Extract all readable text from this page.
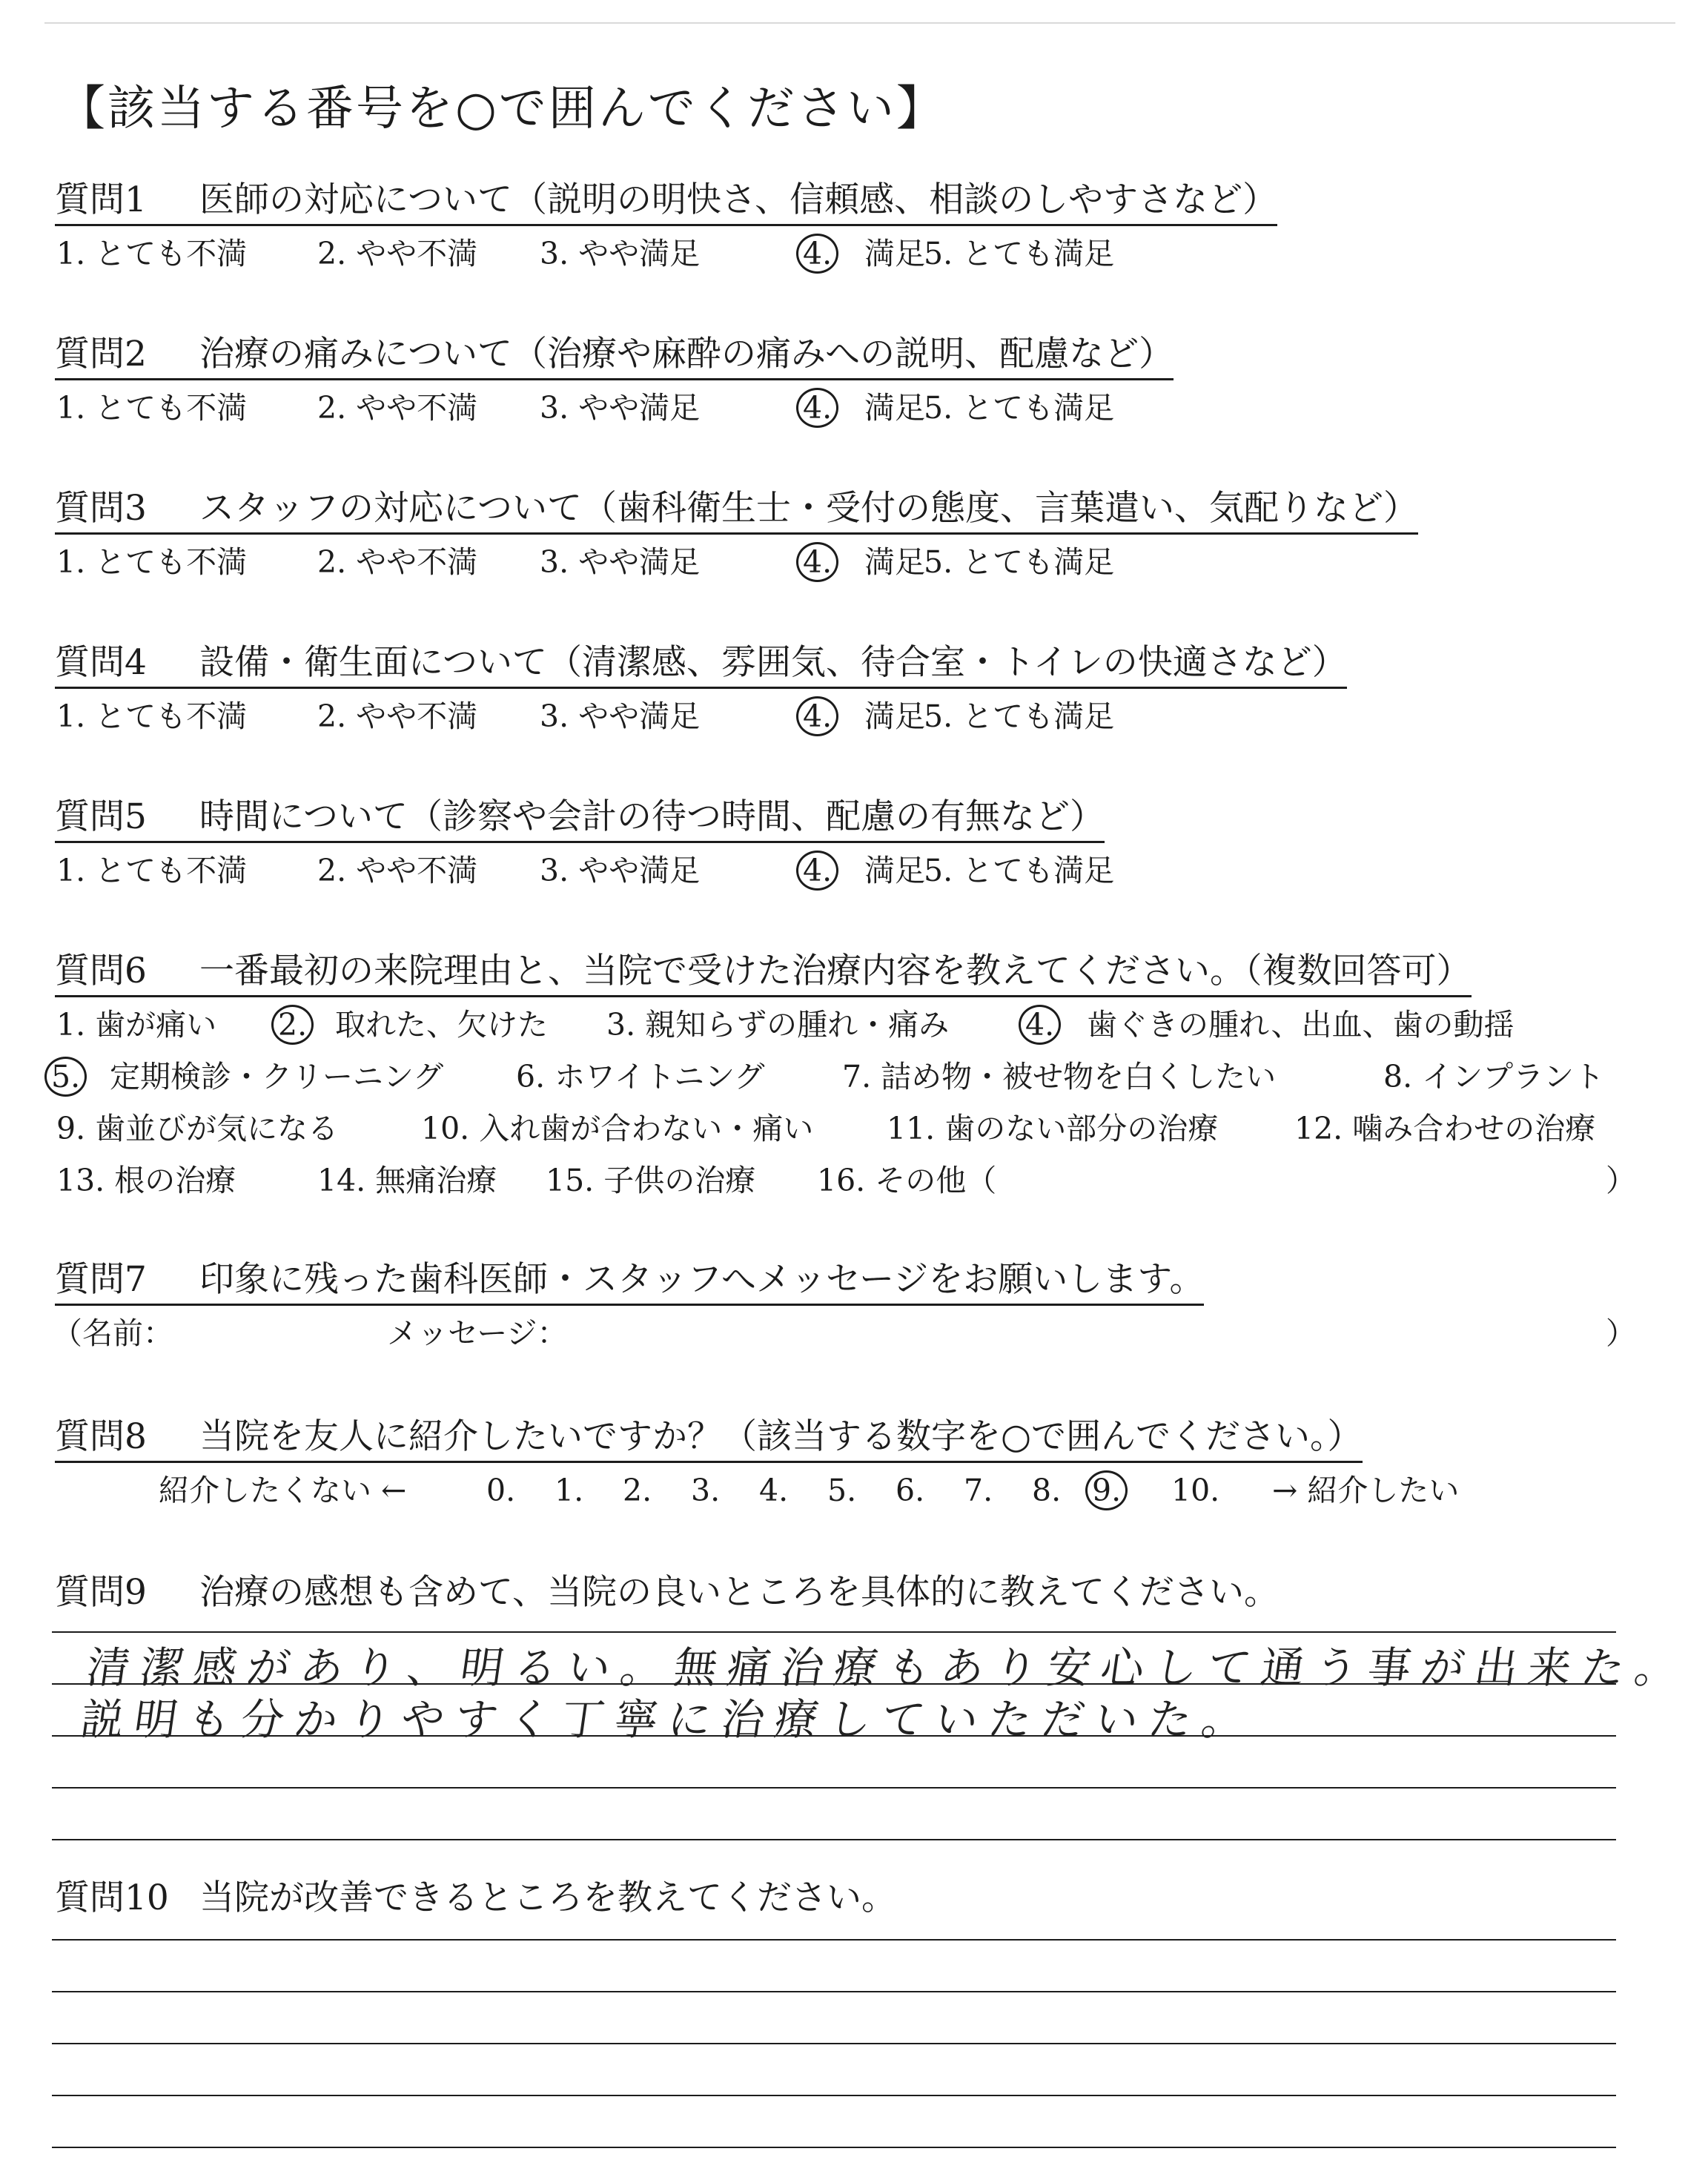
【該当する番号を○で囲んでください】
質問1 医師の対応について（説明の明快さ、信頼感、相談のしやすさなど）
1. とても不満 2. やや不満 3. やや満足	4. 満足
5. とても満足
質問2 治療の痛みについて（治療や麻酔の痛みへの説明、配慮など）
1. とても不満 2. やや不満 3. やや満足	4. 満足
5. とても満足
質問3 スタッフの対応について（歯科衛生士・受付の態度、言葉遣い、気配りなど）
1. とても不満 2. やや不満 3. やや満足	4. 満足
5. とても満足
質問4 設備・衛生面について（清潔感、雰囲気、待合室・トイレの快適さなど）
1. とても不満 2. やや不満 3. やや満足	4. 満足
5. とても満足
質問5 時間について（診察や会計の待つ時間、配慮の有無など）
1. とても不満 2. やや不満 3. やや満足	4. 満足
5. とても満足
質問6 一番最初の来院理由と、当院で受けた治療内容を教えてください。（複数回答可）
1. 歯が痛い 2. 取れた、欠けた 3. 親知らずの腫れ・痛み	4. 歯ぐきの腫れ、出血、歯の動揺
5. 定期検診・クリーニング 6. ホワイトニング	7. 詰め物・被せ物を白くしたい	8. インプラント
9. 歯並びが気になる	10. 入れ歯が合わない・痛い 11. 歯のない部分の治療	12. 噛み合わせの治療
13. 根の治療	14. 無痛治療 15. 子供の治療 16. その他（	）
質問7 印象に残った歯科医師・スタッフへメッセージをお願いします。
（名前：	メッセージ：	）
質問8 当院を友人に紹介したいですか？（該当する数字を○で囲んでください。）
紹介したくない ←	0. 1. 2. 3. 4. 5. 6. 7. 8. 9. 10. → 紹介したい
質問9 治療の感想も含めて、当院の良いところを具体的に教えてください。
清潔感があり、明るい。無痛治療もあり安心して通う事が出来た。
説明も分かりやすく丁寧に治療していただいた。
質問10 当院が改善できるところを教えてください。
